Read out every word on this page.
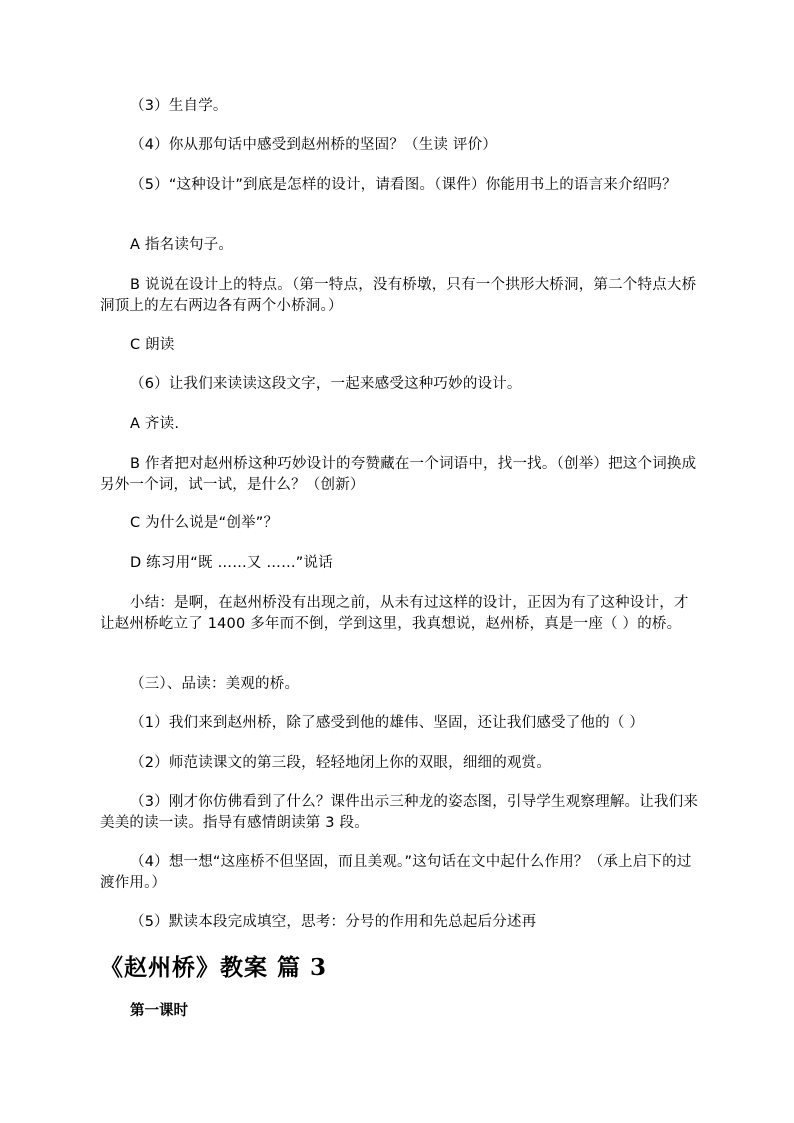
（3）生自学。

（4）你从那句话中感受到赵州桥的坚固？（生读 评价）

（5）“这种设计”到底是怎样的设计，请看图。（课件）你能用书上的语言来介绍吗？

A 指名读句子。

B 说说在设计上的特点。（第一特点，没有桥墩，只有一个拱形大桥洞，第二个特点大桥洞顶上的左右两边各有两个小桥洞。）

C 朗读

（6）让我们来读读这段文字，一起来感受这种巧妙的设计。

A 齐读.

B 作者把对赵州桥这种巧妙设计的夸赞藏在一个词语中，找一找。（创举）把这个词换成另外一个词，试一试，是什么？（创新）

C 为什么说是“创举”？

D 练习用“既 ……又 ……”说话

小结：是啊，在赵州桥没有出现之前，从未有过这样的设计，正因为有了这种设计，才让赵州桥屹立了 1400 多年而不倒，学到这里，我真想说，赵州桥，真是一座（ ）的桥。

（三）、品读：美观的桥。

（1）我们来到赵州桥，除了感受到他的雄伟、坚固，还让我们感受了他的（ ）

（2）师范读课文的第三段，轻轻地闭上你的双眼，细细的观赏。

（3）刚才你仿佛看到了什么？课件出示三种龙的姿态图，引导学生观察理解。让我们来美美的读一读。指导有感情朗读第 3 段。

（4）想一想“这座桥不但坚固，而且美观。”这句话在文中起什么作用？（承上启下的过渡作用。）

（5）默读本段完成填空，思考：分号的作用和先总起后分述再

《赵州桥》教案 篇 3
第一课时
